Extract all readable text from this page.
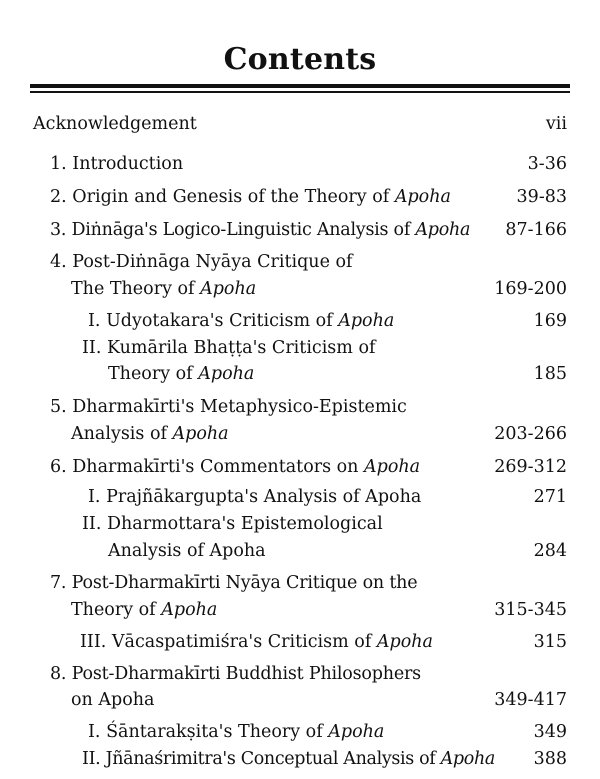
Contents
Acknowledgement	vii
1. Introduction	3-36
2. Origin and Genesis of the Theory of Apoha	39-83
3. Diṅnāga's Logico-Linguistic Analysis of Apoha 87-166
4. Post-Diṅnāga Nyāya Critique of
The Theory of Apoha	169-200
I. Udyotakara's Criticism of Apoha	169
II. Kumārila Bhaṭṭa's Criticism of
Theory of Apoha	185
5. Dharmakīrti's Metaphysico-Epistemic
Analysis of Apoha	203-266
6. Dharmakīrti's Commentators on Apoha	269-312
I. Prajñākargupta's Analysis of Apoha	271
II. Dharmottara's Epistemological
Analysis of Apoha	284
7. Post-Dharmakīrti Nyāya Critique on the
Theory of Apoha	315-345
III. Vācaspatimiśra's Criticism of Apoha	315
8. Post-Dharmakīrti Buddhist Philosophers
on Apoha	349-417
I. Śāntarakṣita's Theory of Apoha	349
II. Jñānaśrimitra's Conceptual Analysis of Apoha 388
